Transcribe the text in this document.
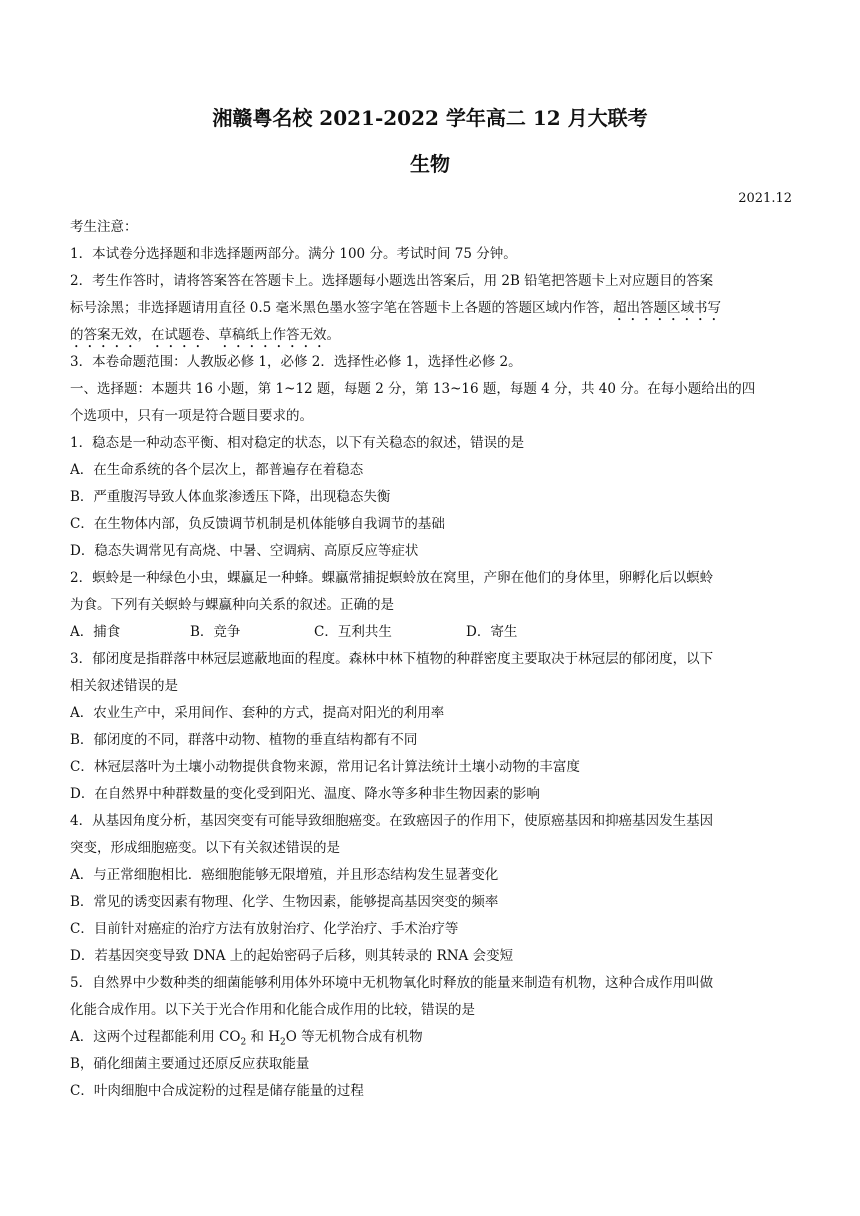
湘赣粤名校 2021-2022 学年高二 12 月大联考
生物
2021.12
考生注意：
1．本试卷分选择题和非选择题两部分。满分 100 分。考试时间 75 分钟。
2．考生作答时，请将答案答在答题卡上。选择题每小题选出答案后，用 2B 铅笔把答题卡上对应题目的答案
标号涂黑；非选择题请用直径 0.5 毫米黑色墨水签字笔在答题卡上各题的答题区域内作答，超出答题区域书写
的答案无效，在试题卷、草稿纸上作答无效。
3．本卷命题范围：人教版必修 1，必修 2．选择性必修 1，选择性必修 2。
一、选择题：本题共 16 小题，第 1~12 题，每题 2 分，第 13~16 题，每题 4 分，共 40 分。在每小题给出的四
个选项中，只有一项是符合题目要求的。
1．稳态是一种动态平衡、相对稳定的状态，以下有关稳态的叙述，错误的是
A．在生命系统的各个层次上，都普遍存在着稳态
B．严重腹泻导致人体血浆渗透压下降，出现稳态失衡
C．在生物体内部，负反馈调节机制是机体能够自我调节的基础
D．稳态失调常见有高烧、中暑、空调病、高原反应等症状
2．螟蛉是一种绿色小虫，蜾蠃足一种蜂。蜾蠃常捕捉螟蛉放在窝里，产卵在他们的身体里，卵孵化后以螟蛉
为食。下列有关螟蛉与蜾蠃种向关系的叙述。正确的是
A．捕食	B．竞争	C．互利共生	D．寄生
3．郁闭度是指群落中林冠层遮蔽地面的程度。森林中林下植物的种群密度主要取决于林冠层的郁闭度，以下
相关叙述错误的是
A．农业生产中，采用间作、套种的方式，提高对阳光的利用率
B．郁闭度的不同，群落中动物、植物的垂直结构都有不同
C．林冠层落叶为土壤小动物提供食物来源，常用记名计算法统计土壤小动物的丰富度
D．在自然界中种群数量的变化受到阳光、温度、降水等多种非生物因素的影响
4．从基因角度分析，基因突变有可能导致细胞癌变。在致癌因子的作用下，使原癌基因和抑癌基因发生基因
突变，形成细胞癌变。以下有关叙述错误的是
A．与正常细胞相比．癌细胞能够无限增殖，并且形态结构发生显著变化
B．常见的诱变因素有物理、化学、生物因素，能够提高基因突变的频率
C．目前针对癌症的治疗方法有放射治疗、化学治疗、手术治疗等
D．若基因突变导致 DNA 上的起始密码子后移，则其转录的 RNA 会变短
5．自然界中少数种类的细菌能够利用体外环境中无机物氧化时释放的能量来制造有机物，这种合成作用叫做
化能合成作用。以下关于光合作用和化能合成作用的比较，错误的是
A．这两个过程都能利用 $CO_2$ 和 $H_2O$ 等无机物合成有机物
B，硝化细菌主要通过还原反应获取能量
C．叶肉细胞中合成淀粉的过程是储存能量的过程
